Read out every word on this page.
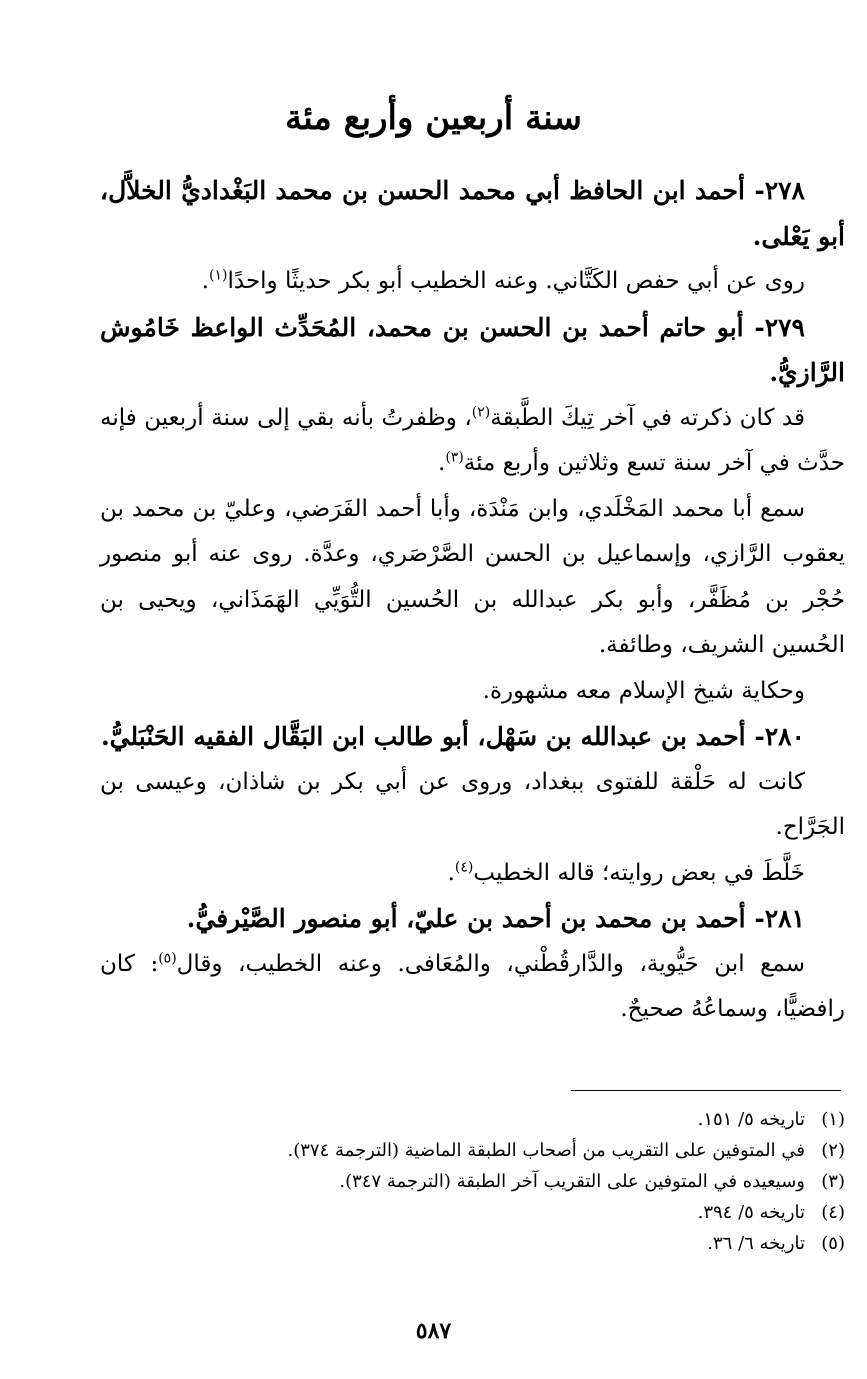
سنة أربعين وأربع مئة

٢٧٨- أحمد ابن الحافظ أبي محمد الحسن بن محمد البَغْداديُّ الخلاَّل، أبو يَعْلى.

روى عن أبي حفص الكَتَّاني. وعنه الخطيب أبو بكر حديثًا واحدًا$^{(١)}$.

٢٧٩- أبو حاتم أحمد بن الحسن بن محمد، المُحَدِّث الواعظ خَامُوش الرَّازيُّ.

قد كان ذكرته في آخر تِيكَ الطَّبقة$^{(٢)}$، وظفرتُ بأنه بقي إلى سنة أربعين فإنه حدَّث في آخر سنة تسع وثلاثين وأربع مئة$^{(٣)}$.

سمع أبا محمد المَخْلَدي، وابن مَنْدَة، وأبا أحمد الفَرَضي، وعليّ بن محمد بن يعقوب الرَّازي، وإسماعيل بن الحسن الصَّرْصَري، وعدَّة. روى عنه أبو منصور حُجْر بن مُظَفَّر، وأبو بكر عبدالله بن الحُسين التُّوَيِّي الهَمَذَاني، ويحيى بن الحُسين الشريف، وطائفة.

وحكاية شيخ الإسلام معه مشهورة.

٢٨٠- أحمد بن عبدالله بن سَهْل، أبو طالب ابن البَقَّال الفقيه الحَنْبَليُّ.

كانت له حَلْقة للفتوى ببغداد، وروى عن أبي بكر بن شاذان، وعيسى بن الجَرَّاح.

خَلَّطَ في بعض روايته؛ قاله الخطيب$^{(٤)}$.

٢٨١- أحمد بن محمد بن أحمد بن عليّ، أبو منصور الصَّيْرفيُّ.

سمع ابن حَيُّوية، والدَّارقُطْني، والمُعَافى. وعنه الخطيب، وقال$^{(٥)}$: كان رافضيًّا، وسماعُهُ صحيحٌ.

(١)تاريخه ٥/ ١٥١.

(٢)في المتوفين على التقريب من أصحاب الطبقة الماضية (الترجمة ٣٧٤).

(٣)وسيعيده في المتوفين على التقريب آخر الطبقة (الترجمة ٣٤٧).

(٤)تاريخه ٥/ ٣٩٤.

(٥)تاريخه ٦/ ٣٦.

٥٨٧
